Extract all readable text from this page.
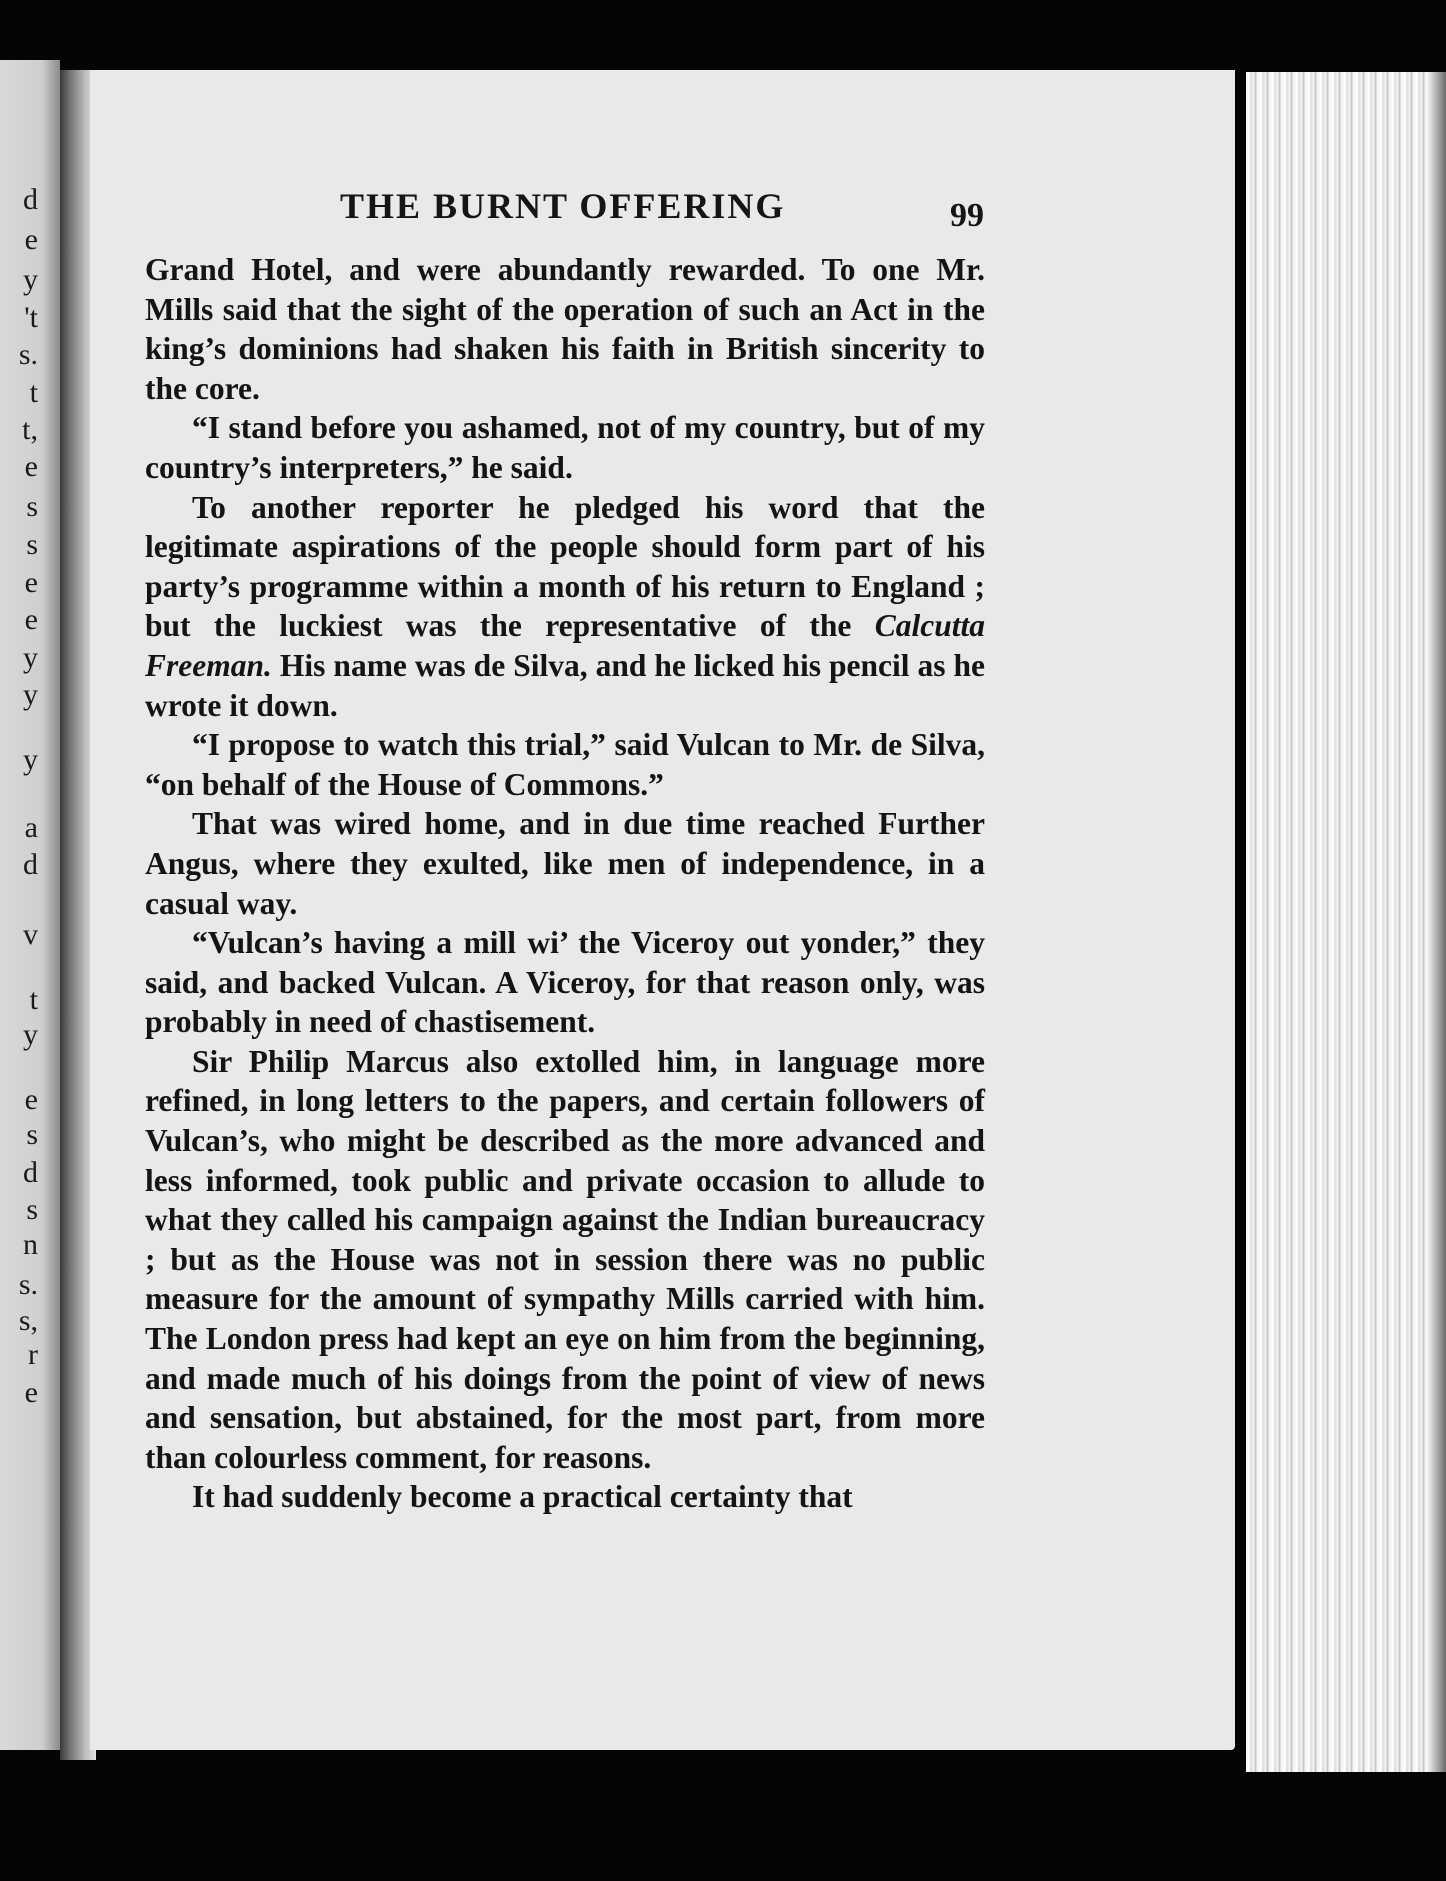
d
e
y
't
s.
t
t,
e
s
s
e
e
y
y
y
a
d
v
t
y
e
s
d
s
n
s.
s,
r
e
THE BURNT OFFERING	99

Grand Hotel, and were abundantly rewarded. To one Mr. Mills said that the sight of the operation of such an Act in the king’s dominions had shaken his faith in British sincerity to the core.

“I stand before you ashamed, not of my country, but of my country’s interpreters,” he said.

To another reporter he pledged his word that the legitimate aspirations of the people should form part of his party’s programme within a month of his return to England ; but the luckiest was the representative of the Calcutta Freeman. His name was de Silva, and he licked his pencil as he wrote it down.

“I propose to watch this trial,” said Vulcan to Mr. de Silva, “on behalf of the House of Commons.”

That was wired home, and in due time reached Further Angus, where they exulted, like men of independence, in a casual way.

“Vulcan’s having a mill wi’ the Viceroy out yonder,” they said, and backed Vulcan. A Viceroy, for that reason only, was probably in need of chastisement.

Sir Philip Marcus also extolled him, in language more refined, in long letters to the papers, and certain followers of Vulcan’s, who might be described as the more advanced and less informed, took public and private occasion to allude to what they called his campaign against the Indian bureaucracy ; but as the House was not in session there was no public measure for the amount of sympathy Mills carried with him. The London press had kept an eye on him from the beginning, and made much of his doings from the point of view of news and sensation, but abstained, for the most part, from more than colourless comment, for reasons.

It had suddenly become a practical certainty that
